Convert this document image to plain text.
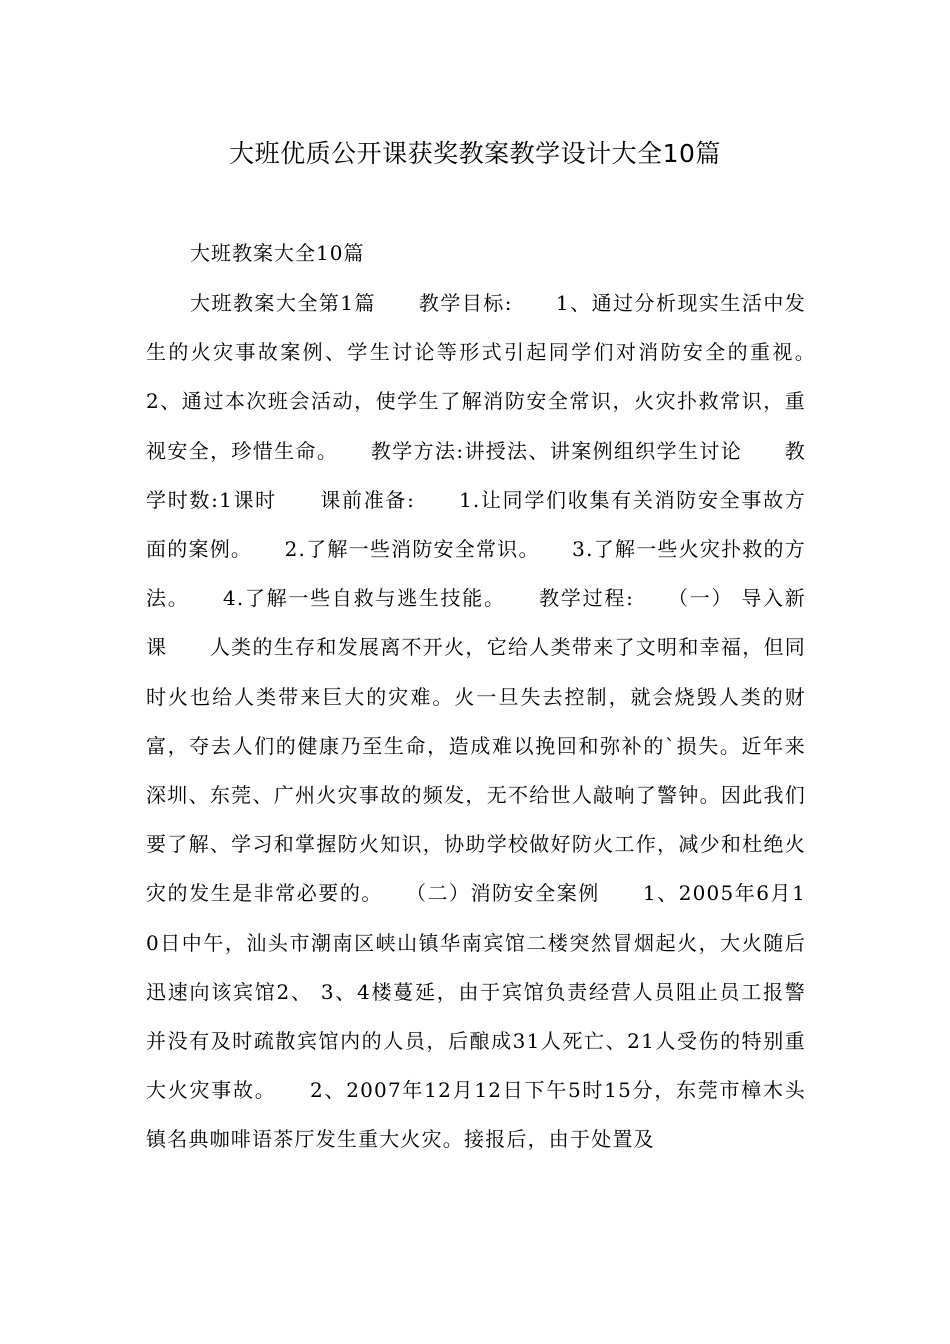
大班优质公开课获奖教案教学设计大全10篇

大班教案大全10篇

大班教案大全第1篇　　教学目标:　　1、通过分析现实生活中发生的火灾事故案例、学生讨论等形式引起同学们对消防安全的重视。　　2、通过本次班会活动，使学生了解消防安全常识，火灾扑救常识，重视安全，珍惜生命。　　教学方法:讲授法、讲案例组织学生讨论　　教学时数:1课时　　课前准备:　　1.让同学们收集有关消防安全事故方面的案例。　　2.了解一些消防安全常识。　　3.了解一些火灾扑救的方法。　　4.了解一些自救与逃生技能。　　教学过程:　　（一） 导入新课　　人类的生存和发展离不开火，它给人类带来了文明和幸福，但同时火也给人类带来巨大的灾难。火一旦失去控制，就会烧毁人类的财富，夺去人们的健康乃至生命，造成难以挽回和弥补的`损失。近年来深圳、东莞、广州火灾事故的频发，无不给世人敲响了警钟。因此我们要了解、学习和掌握防火知识，协助学校做好防火工作，减少和杜绝火灾的发生是非常必要的。　　（二）消防安全案例　　1、2005年6月10日中午，汕头市潮南区峡山镇华南宾馆二楼突然冒烟起火，大火随后迅速向该宾馆2、 3、4楼蔓延，由于宾馆负责经营人员阻止员工报警并没有及时疏散宾馆内的人员，后酿成31人死亡、21人受伤的特别重大火灾事故。　　2、2007年12月12日下午5时15分，东莞市樟木头镇名典咖啡语茶厅发生重大火灾。接报后，由于处置及
